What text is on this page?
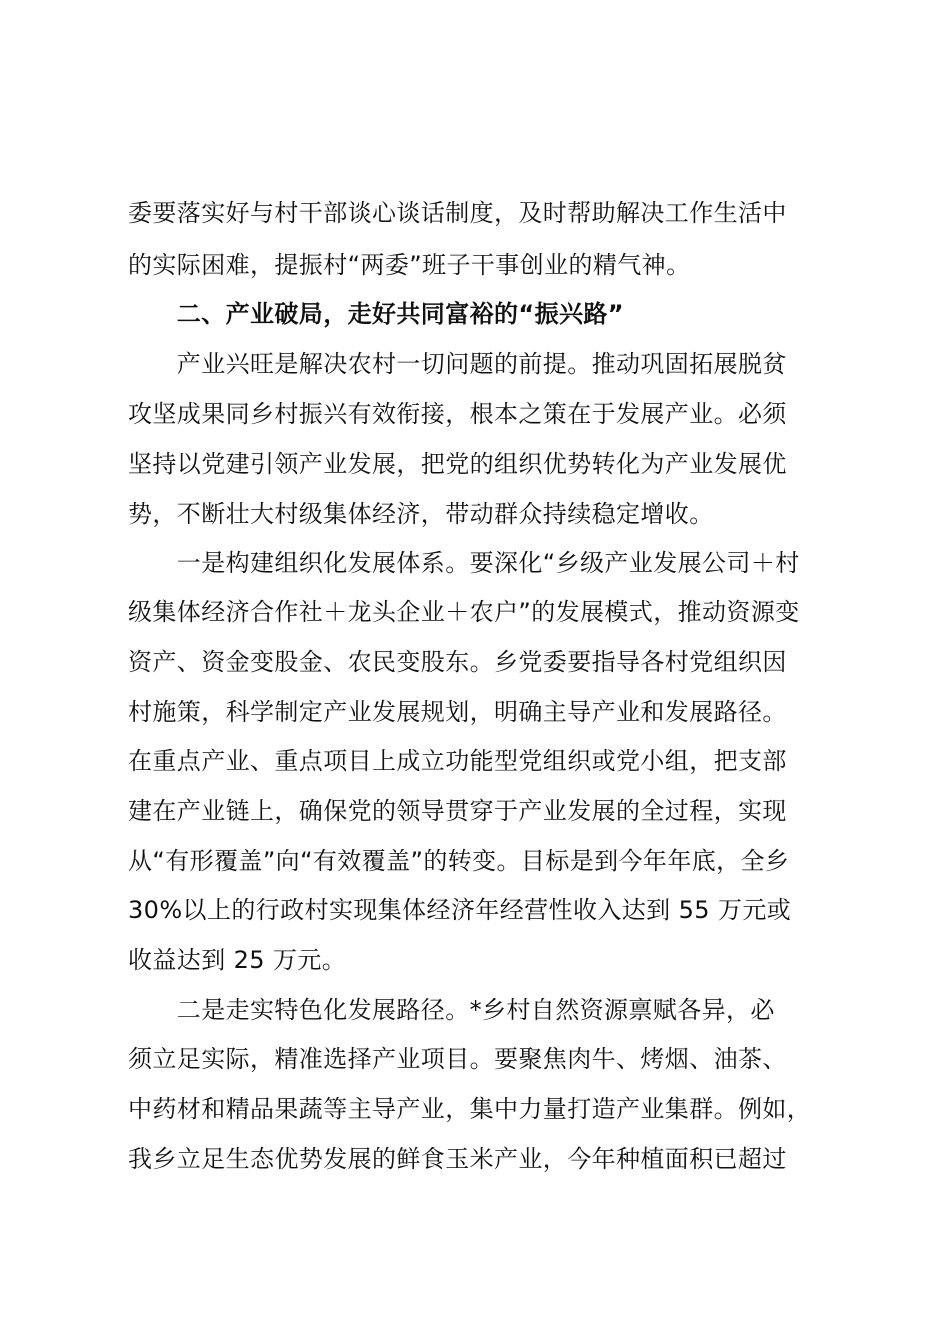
委要落实好与村干部谈心谈话制度，及时帮助解决工作生活中
的实际困难，提振村“两委”班子干事创业的精气神。
　　二、产业破局，走好共同富裕的“振兴路”
　　产业兴旺是解决农村一切问题的前提。推动巩固拓展脱贫
攻坚成果同乡村振兴有效衔接，根本之策在于发展产业。必须
坚持以党建引领产业发展，把党的组织优势转化为产业发展优
势，不断壮大村级集体经济，带动群众持续稳定增收。
　　一是构建组织化发展体系。要深化“乡级产业发展公司＋村
级集体经济合作社＋龙头企业＋农户”的发展模式，推动资源变
资产、资金变股金、农民变股东。乡党委要指导各村党组织因
村施策，科学制定产业发展规划，明确主导产业和发展路径。
在重点产业、重点项目上成立功能型党组织或党小组，把支部
建在产业链上，确保党的领导贯穿于产业发展的全过程，实现
从“有形覆盖”向“有效覆盖”的转变。目标是到今年年底，全乡
30%以上的行政村实现集体经济年经营性收入达到 55 万元或
收益达到 25 万元。
　　二是走实特色化发展路径。*乡村自然资源禀赋各异，必
须立足实际，精准选择产业项目。要聚焦肉牛、烤烟、油茶、
中药材和精品果蔬等主导产业，集中力量打造产业集群。例如，
我乡立足生态优势发展的鲜食玉米产业，今年种植面积已超过
